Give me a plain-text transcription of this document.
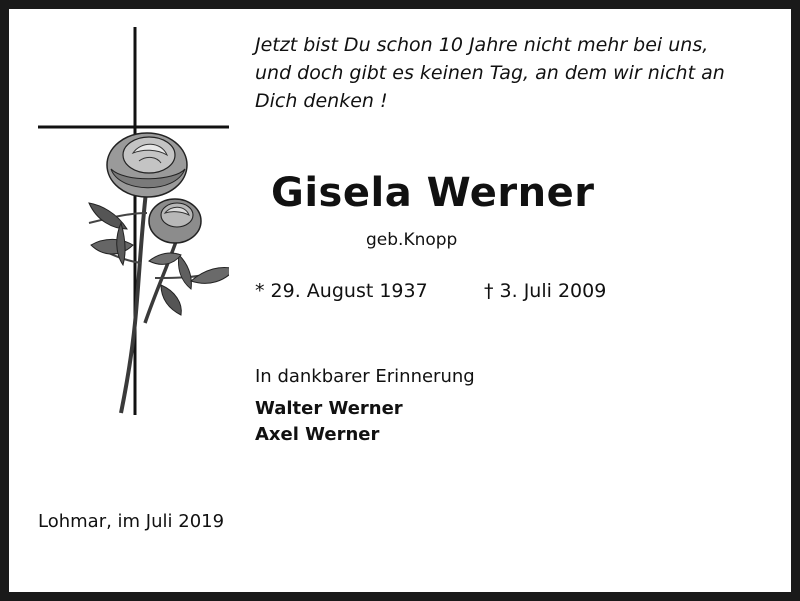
Jetzt bist Du schon 10 Jahre nicht mehr bei uns,
und doch gibt es keinen Tag, an dem wir nicht an
Dich denken !
Gisela Werner
geb.Knopp
* 29. August 1937	† 3. Juli 2009
In dankbarer Erinnerung
Walter Werner
Axel Werner
Lohmar, im Juli 2019
